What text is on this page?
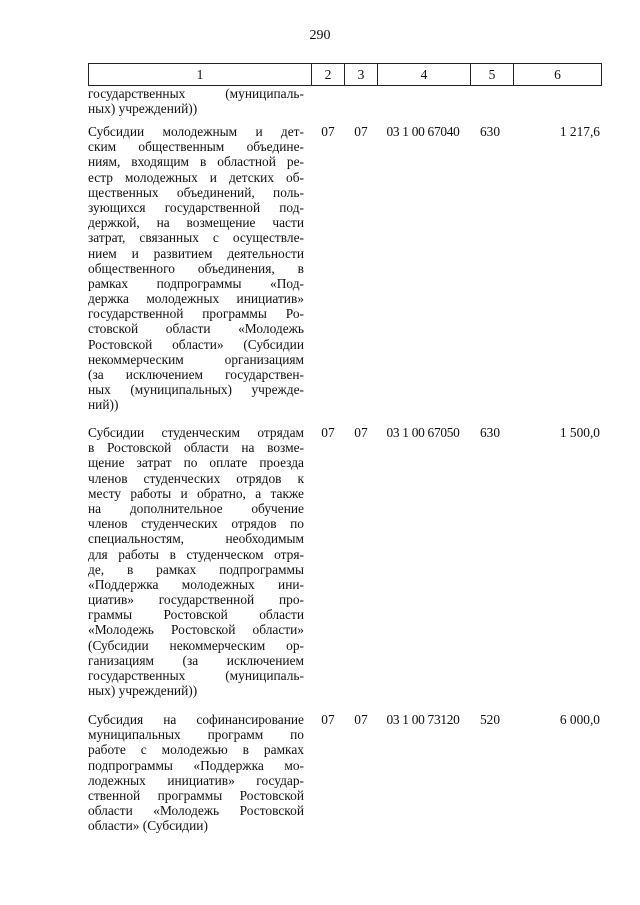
290
1	2	3	4	5	6
государственных (муниципаль-
ных) учреждений))
Субсидии молодежным и дет-
ским общественным объедине-
ниям, входящим в областной ре-
естр молодежных и детских об-
щественных объединений, поль-
зующихся государственной под-
держкой, на возмещение части
затрат, связанных с осуществле-
нием и развитием деятельности
общественного объединения, в
рамках подпрограммы «Под-
держка молодежных инициатив»
государственной программы Ро-
стовской области «Молодежь
Ростовской области» (Субсидии
некоммерческим организациям
(за исключением государствен-
ных (муниципальных) учрежде-
ний))
07	07	03 1 00 67040	630	1 217,6
Субсидии студенческим отрядам
в Ростовской области на возме-
щение затрат по оплате проезда
членов студенческих отрядов к
месту работы и обратно, а также
на дополнительное обучение
членов студенческих отрядов по
специальностям, необходимым
для работы в студенческом отря-
де, в рамках подпрограммы
«Поддержка молодежных ини-
циатив» государственной про-
граммы Ростовской области
«Молодежь Ростовской области»
(Субсидии некоммерческим ор-
ганизациям (за исключением
государственных (муниципаль-
ных) учреждений))
07	07	03 1 00 67050	630	1 500,0
Субсидия на софинансирование
муниципальных программ по
работе с молодежью в рамках
подпрограммы «Поддержка мо-
лодежных инициатив» государ-
ственной программы Ростовской
области «Молодежь Ростовской
области» (Субсидии)
07	07	03 1 00 73120	520	6 000,0
